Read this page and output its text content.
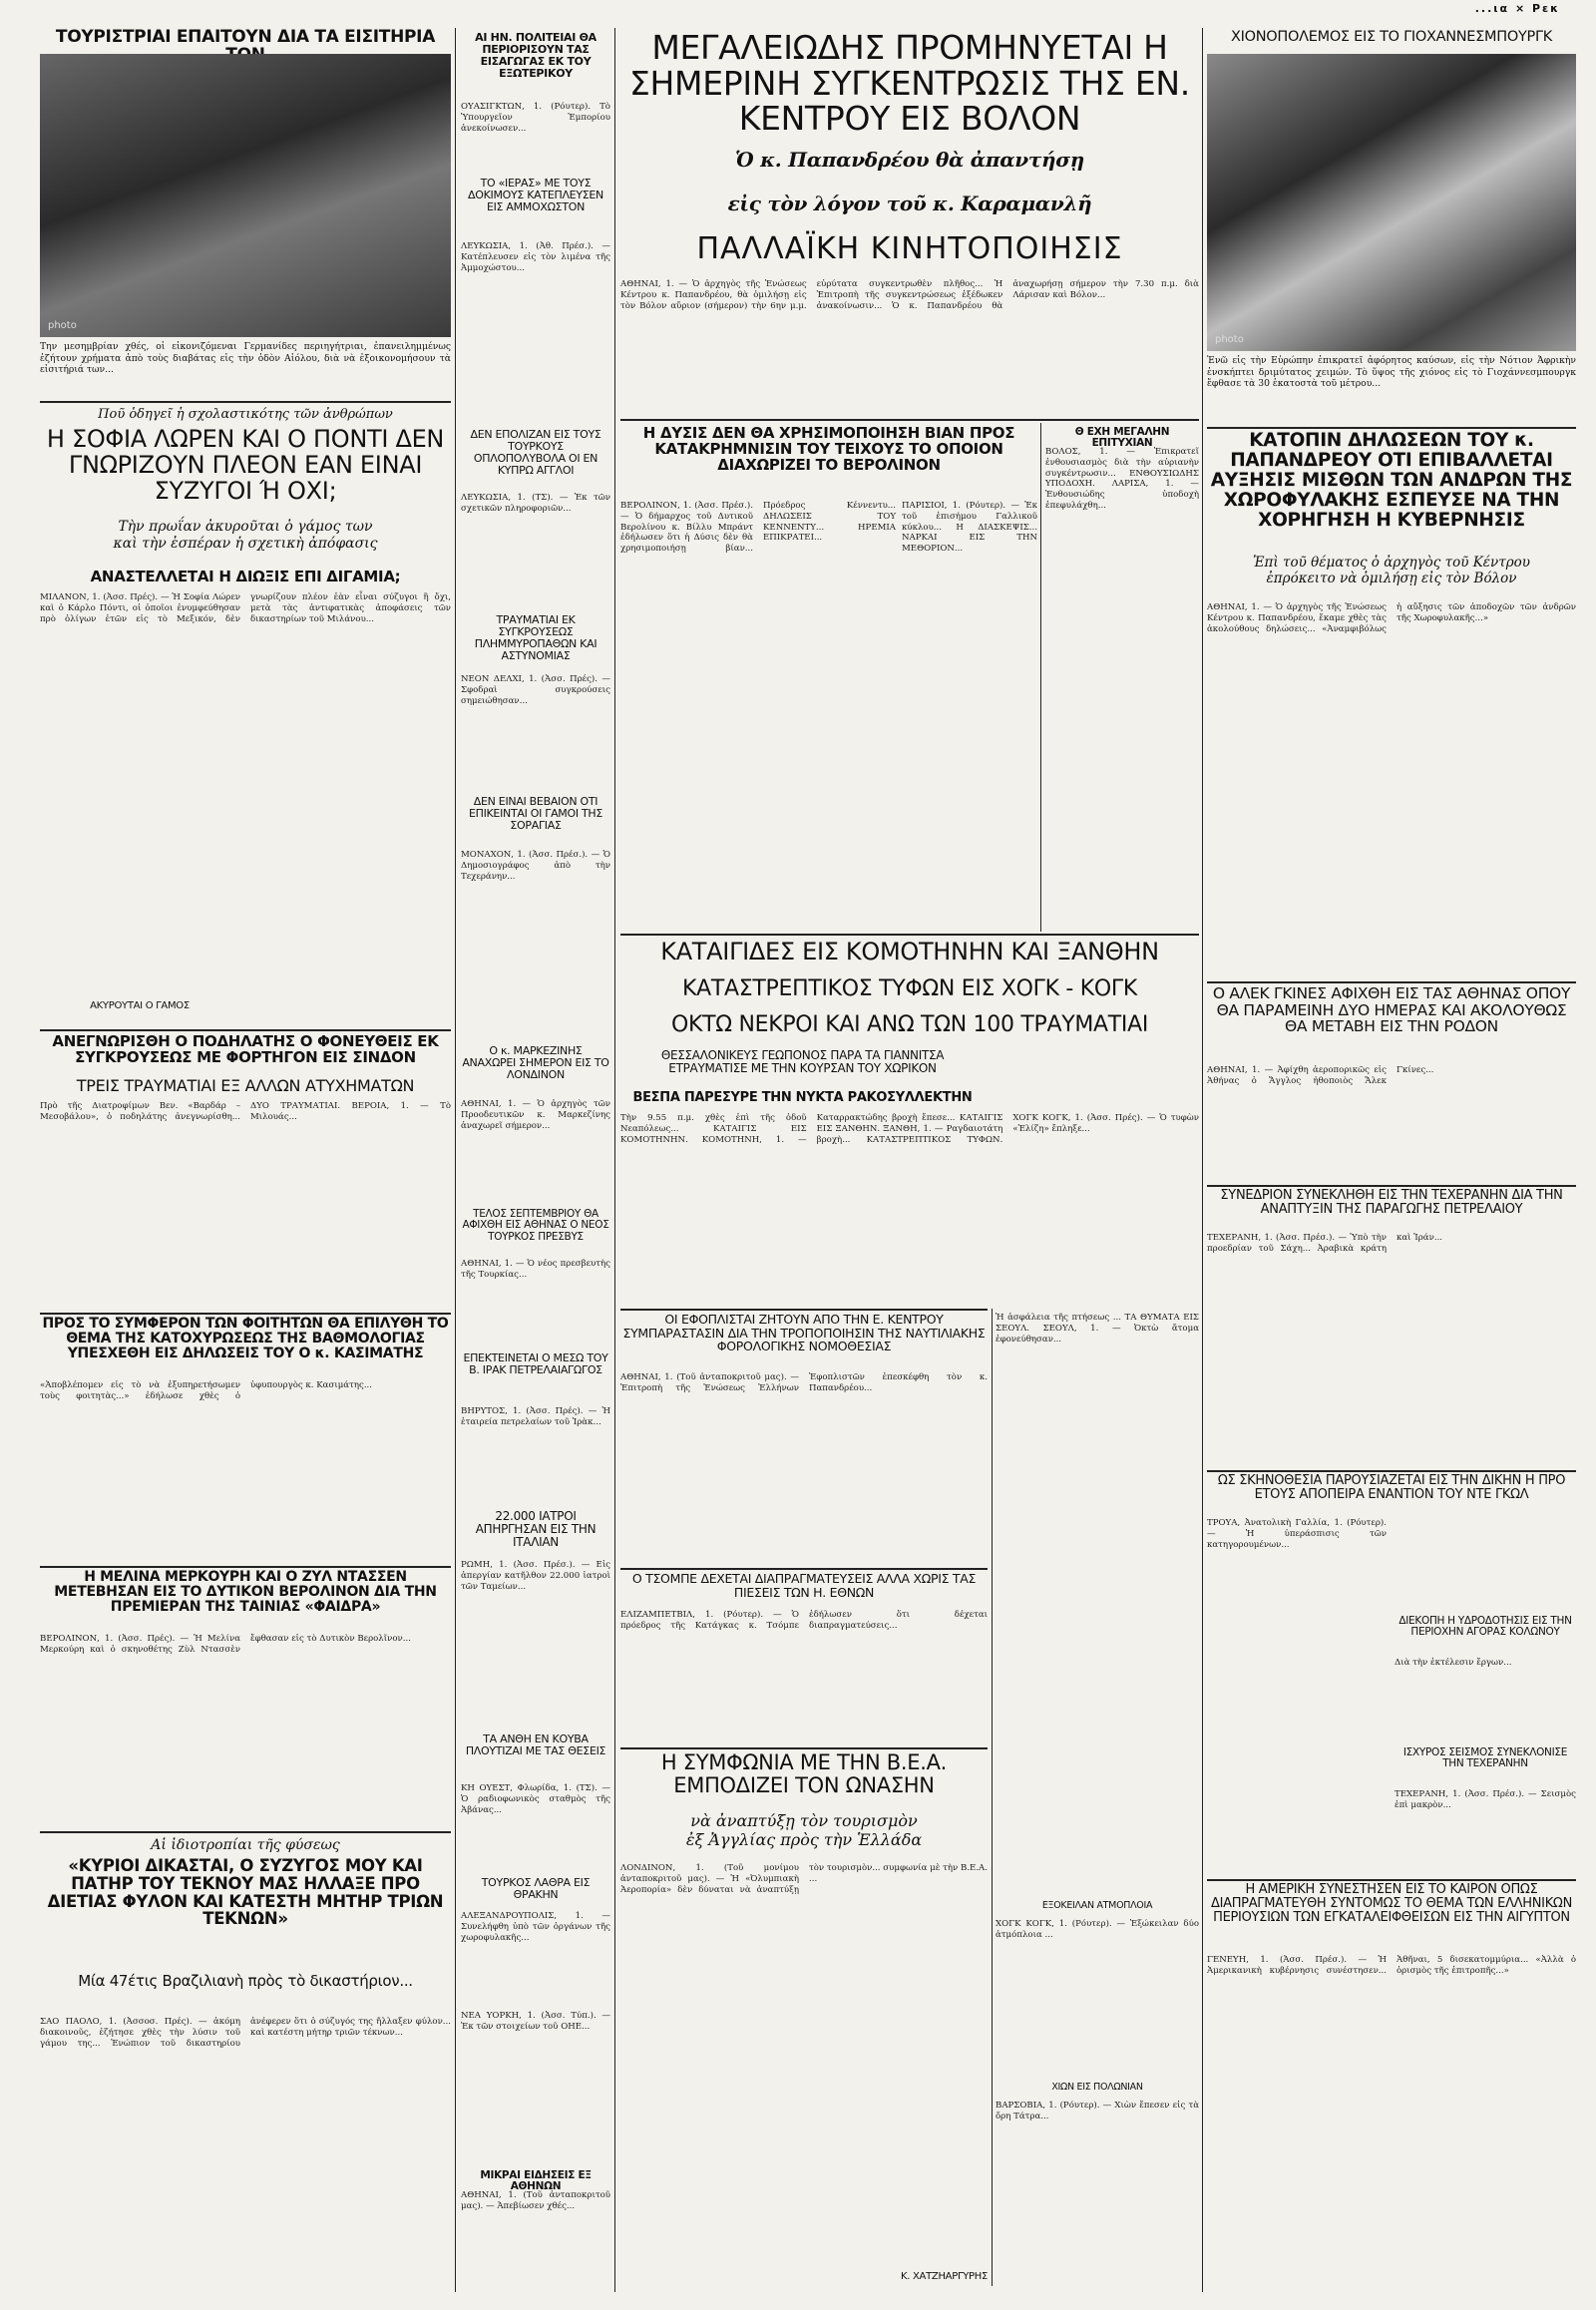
...ια ⨯ Ρεκ
ΤΟΥΡΙΣΤΡΙΑΙ ΕΠΑΙΤΟΥΝ ΔΙΑ ΤΑ ΕΙΣΙΤΗΡΙΑ
photo
Την μεσημβρίαν χθές, οἱ εἰκονιζόμεναι Γερμανίδες περιηγήτριαι, ἐπανειλημμένως ἐζήτουν χρήματα ἀπὸ τοὺς διαβάτας εἰς τὴν ὁδὸν Αἰόλου, διὰ νὰ ἐξοικονομήσουν τὰ εἰσιτήριά των...
Ποῦ ὁδηγεῖ ἡ σχολαστικότης τῶν ἀνθρώπων
Η ΣΟΦΙΑ ΛΩΡΕΝ ΚΑΙ Ο ΠΟΝΤΙ ΔΕΝ ΓΝΩΡΙΖΟΥΝ ΠΛΕΟΝ ΕΑΝ ΕΙΝΑΙ ΣΥΖΥΓΟΙ Ή ΟΧΙ;
Τὴν πρωΐαν ἀκυροῦται ὁ γάμος των
καὶ τὴν ἑσπέραν ἡ σχετικὴ ἀπόφασις
ΑΝΑΣΤΕΛΛΕΤΑΙ Η ΔΙΩΞΙΣ ΕΠΙ ΔΙΓΑΜΙΑ;
ΜΙΛΑΝΟΝ, 1. (Ἀσσ. Πρές). — Ἡ Σοφία Λώρεν καὶ ὁ Κάρλο Πόντι, οἱ ὁποῖοι ἐνυμφεύθησαν πρὸ ὀλίγων ἐτῶν εἰς τὸ Μεξικόν, δὲν γνωρίζουν πλέον ἐὰν εἶναι σύζυγοι ἢ ὄχι, μετὰ τὰς ἀντιφατικὰς ἀποφάσεις τῶν δικαστηρίων τοῦ Μιλάνου...
ΑΚΥΡΟΥΤΑΙ Ο ΓΑΜΟΣ
ΑΝΕΓΝΩΡΙΣΘΗ Ο ΠΟΔΗΛΑΤΗΣ Ο ΦΟΝΕΥΘΕΙΣ ΕΚ ΣΥΓΚΡΟΥΣΕΩΣ ΜΕ ΦΟΡΤΗΓΟΝ ΕΙΣ ΣΙΝΔΟΝ
ΤΡΕΙΣ ΤΡΑΥΜΑΤΙΑΙ ΕΞ ΑΛΛΩΝ ΑΤΥΧΗΜΑΤΩΝ
Πρὸ τῆς Διατροφίμων Βεν. «Βαρδάρ – Μεσοβάλου», ὁ ποδηλάτης ἀνεγνωρίσθη... ΔΥΟ ΤΡΑΥΜΑΤΙΑΙ. ΒΕΡΟΙΑ, 1. — Τὸ Μιλουάς...
ΠΡΟΣ ΤΟ ΣΥΜΦΕΡΟΝ ΤΩΝ ΦΟΙΤΗΤΩΝ ΘΑ ΕΠΙΛΥΘΗ ΤΟ ΘΕΜΑ ΤΗΣ ΚΑΤΟΧΥΡΩΣΕΩΣ ΤΗΣ ΒΑΘΜΟΛΟΓΙΑΣ ΥΠΕΣΧΕΘΗ ΕΙΣ ΔΗΛΩΣΕΙΣ ΤΟΥ Ο κ. ΚΑΣΙΜΑΤΗΣ
«Ἀποβλέπομεν εἰς τὸ νὰ ἐξυπηρετήσωμεν τοὺς φοιτητὰς...» ἐδήλωσε χθὲς ὁ ὑφυπουργὸς κ. Κασιμάτης...
Η ΜΕΛΙΝΑ ΜΕΡΚΟΥΡΗ ΚΑΙ Ο ΖΥΛ ΝΤΑΣΣΕΝ ΜΕΤΕΒΗΣΑΝ ΕΙΣ ΤΟ ΔΥΤΙΚΟΝ ΒΕΡΟΛΙΝΟΝ ΔΙΑ ΤΗΝ ΠΡΕΜΙΕΡΑΝ ΤΗΣ ΤΑΙΝΙΑΣ «ΦΑΙΔΡΑ»
ΒΕΡΟΛΙΝΟΝ, 1. (Ἀσσ. Πρές). — Ἡ Μελίνα Μερκούρη καὶ ὁ σκηνοθέτης Ζὺλ Ντασσὲν ἔφθασαν εἰς τὸ Δυτικὸν Βερολῖνον...
Αἱ ἰδιοτροπίαι τῆς φύσεως
«ΚΥΡΙΟΙ ΔΙΚΑΣΤΑΙ, Ο ΣΥΖΥΓΟΣ ΜΟΥ ΚΑΙ ΠΑΤΗΡ ΤΟΥ ΤΕΚΝΟΥ ΜΑΣ ΗΛΛΑΞΕ ΠΡΟ ΔΙΕΤΙΑΣ ΦΥΛΟΝ ΚΑΙ ΚΑΤΕΣΤΗ ΜΗΤΗΡ ΤΡΙΩΝ ΤΕΚΝΩΝ»
Μία 47έτις Βραζιλιανὴ πρὸς τὸ δικαστήριον...
ΣΑΟ ΠΑΟΛΟ, 1. (Ἀσσοσ. Πρές). — ἀκόμη διακοινοῦς, ἐζήτησε χθὲς τὴν λύσιν τοῦ γάμου της... Ἐνώπιον τοῦ δικαστηρίου ἀνέφερεν ὅτι ὁ σύζυγός της ἤλλαξεν φύλον... καὶ κατέστη μήτηρ τριῶν τέκνων...
ΑΙ ΗΝ. ΠΟΛΙΤΕΙΑΙ ΘΑ ΠΕΡΙΟΡΙΣΟΥΝ ΤΑΣ ΕΙΣΑΓΩΓΑΣ ΕΚ ΤΟΥ ΕΞΩΤΕΡΙΚΟΥ
ΟΥΑΣΙΓΚΤΩΝ, 1. (Ρόυτερ). Τὸ Ὑπουργεῖον Ἐμπορίου ἀνεκοίνωσεν...
ΤΟ «ΙΕΡΑΣ» ΜΕ ΤΟΥΣ ΔΟΚΙΜΟΥΣ ΚΑΤΕΠΛΕΥΣΕΝ ΕΙΣ ΑΜΜΟΧΩΣΤΟΝ
ΛΕΥΚΩΣΙΑ, 1. (Ἀθ. Πρέσ.). — Κατέπλευσεν εἰς τὸν λιμένα τῆς Ἀμμοχώστου...
ΔΕΝ ΕΠΟΛΙΖΑΝ ΕΙΣ ΤΟΥΣ ΤΟΥΡΚΟΥΣ ΟΠΛΟΠΟΛΥΒΟΛΑ ΟΙ ΕΝ ΚΥΠΡΩ ΑΓΓΛΟΙ
ΛΕΥΚΩΣΙΑ, 1. (ΤΣ). — Ἐκ τῶν σχετικῶν πληροφοριῶν...
ΤΡΑΥΜΑΤΙΑΙ ΕΚ ΣΥΓΚΡΟΥΣΕΩΣ ΠΛΗΜΜΥΡΟΠΑΘΩΝ ΚΑΙ ΑΣΤΥΝΟΜΙΑΣ
ΝΕΟΝ ΔΕΛΧΙ, 1. (Ἀσσ. Πρές). — Σφοδραὶ συγκρούσεις σημειώθησαν...
ΔΕΝ ΕΙΝΑΙ ΒΕΒΑΙΟΝ ΟΤΙ ΕΠΙΚΕΙΝΤΑΙ ΟΙ ΓΑΜΟΙ ΤΗΣ ΣΟΡΑΓΙΑΣ
ΜΟΝΑΧΟΝ, 1. (Ἀσσ. Πρέσ.). — Ὁ Δημοσιογράφος ἀπὸ τὴν Τεχεράνην...
Ο κ. ΜΑΡΚΕΖΙΝΗΣ ΑΝΑΧΩΡΕΙ ΣΗΜΕΡΟΝ ΕΙΣ ΤΟ ΛΟΝΔΙΝΟΝ
ΑΘΗΝΑΙ, 1. — Ὁ ἀρχηγὸς τῶν Προοδευτικῶν κ. Μαρκεζίνης ἀναχωρεῖ σήμερον...
ΤΕΛΟΣ ΣΕΠΤΕΜΒΡΙΟΥ ΘΑ ΑΦΙΧΘΗ ΕΙΣ ΑΘΗΝΑΣ Ο ΝΕΟΣ ΤΟΥΡΚΟΣ ΠΡΕΣΒΥΣ
ΑΘΗΝΑΙ, 1. — Ὁ νέος πρεσβευτὴς τῆς Τουρκίας...
ΕΠΕΚΤΕΙΝΕΤΑΙ Ο ΜΕΣΩ ΤΟΥ Β. ΙΡΑΚ ΠΕΤΡΕΛΑΙΑΓΩΓΟΣ
ΒΗΡΥΤΟΣ, 1. (Ἀσσ. Πρές). — Ἡ ἑταιρεία πετρελαίων τοῦ Ἰρὰκ...
22.000 ΙΑΤΡΟΙ ΑΠΗΡΓΗΣΑΝ ΕΙΣ ΤΗΝ ΙΤΑΛΙΑΝ
ΡΩΜΗ, 1. (Ἀσσ. Πρέσ.). — Εἰς ἀπεργίαν κατῆλθον 22.000 ἰατροὶ τῶν Ταμείων...
ΤΑ ΑΝΘΗ ΕΝ ΚΟΥΒΑ ΠΛΟΥΤΙΖΑΙ ΜΕ ΤΑΣ ΘΕΣΕΙΣ
ΚΗ ΟΥΕΣΤ, Φλωρίδα, 1. (ΤΣ). — Ὁ ραδιοφωνικὸς σταθμὸς τῆς Ἀβάνας...
ΤΟΥΡΚΟΣ ΛΑΘΡΑ ΕΙΣ ΘΡΑΚΗΝ
ΑΛΕΞΑΝΔΡΟΥΠΟΛΙΣ, 1. — Συνελήφθη ὑπὸ τῶν ὀργάνων τῆς χωροφυλακῆς...
ΝΕΑ ΥΟΡΚΗ, 1. (Ἀσσ. Τύπ.). — Ἐκ τῶν στοιχείων τοῦ ΟΗΕ...
ΜΙΚΡΑΙ ΕΙΔΗΣΕΙΣ ΕΞ ΑΘΗΝΩΝ
ΑΘΗΝΑΙ, 1. (Τοῦ ἀνταποκριτοῦ μας). — Ἀπεβίωσεν χθές...
ΜΕΓΑΛΕΙΩΔΗΣ ΠΡΟΜΗΝΥΕΤΑΙ Η ΣΗΜΕΡΙΝΗ ΣΥΓΚΕΝΤΡΩΣΙΣ ΤΗΣ ΕΝ. ΚΕΝΤΡΟΥ ΕΙΣ ΒΟΛΟΝ
Ὁ κ. Παπανδρέου θὰ ἀπαντήσῃ
εἰς τὸν λόγον τοῦ κ. Καραμανλῆ
ΠΑΛΛΑΪΚΗ ΚΙΝΗΤΟΠΟΙΗΣΙΣ
ΑΘΗΝΑΙ, 1. — Ὁ ἀρχηγὸς τῆς Ἑνώσεως Κέντρου κ. Παπανδρέου, θὰ ὁμιλήσῃ εἰς τὸν Βόλον αὔριον (σήμερον) τὴν 6ην μ.μ. εὐρύτατα συγκεντρωθὲν πλῆθος... Ἡ Ἐπιτροπὴ τῆς συγκεντρώσεως ἐξέδωκεν ἀνακοίνωσιν... Ὁ κ. Παπανδρέου θὰ ἀναχωρήσῃ σήμερον τὴν 7.30 π.μ. διὰ Λάρισαν καὶ Βόλον...
Η ΔΥΣΙΣ ΔΕΝ ΘΑ ΧΡΗΣΙΜΟΠΟΙΗΣΗ ΒΙΑΝ ΠΡΟΣ ΚΑΤΑΚΡΗΜΝΙΣΙΝ ΤΟΥ ΤΕΙΧΟΥΣ ΤΟ ΟΠΟΙΟΝ ΔΙΑΧΩΡΙΖΕΙ ΤΟ ΒΕΡΟΛΙΝΟΝ
ΒΕΡΟΛΙΝΟΝ, 1. (Ἀσσ. Πρέσ.). — Ὁ δήμαρχος τοῦ Δυτικοῦ Βερολίνου κ. Βίλλυ Μπράντ ἐδήλωσεν ὅτι ἡ Δύσις δὲν θὰ χρησιμοποιήσῃ βίαν... Πρόεδρος Κέννεντυ... ΔΗΛΩΣΕΙΣ ΤΟΥ ΚΕΝΝΕΝΤΥ... ΗΡΕΜΙΑ ΕΠΙΚΡΑΤΕΙ...
ΠΑΡΙΣΙΟΙ, 1. (Ρόυτερ). — Ἐκ τοῦ ἐπισήμου Γαλλικοῦ κύκλου... Η ΔΙΑΣΚΕΨΙΣ... ΝΑΡΚΑΙ ΕΙΣ ΤΗΝ ΜΕΘΟΡΙΟΝ...
Θ ΕΧΗ ΜΕΓΑΛΗΝ ΕΠΙΤΥΧΙΑΝ
ΒΟΛΟΣ, 1. — Ἐπικρατεῖ ἐνθουσιασμὸς διὰ τὴν αὐριανὴν συγκέντρωσιν... ΕΝΘΟΥΣΙΩΔΗΣ ΥΠΟΔΟΧΗ. ΛΑΡΙΣΑ, 1. — Ἐνθουσιώδης ὑποδοχὴ ἐπεφυλάχθη...
ΚΑΤΑΙΓΙΔΕΣ ΕΙΣ ΚΟΜΟΤΗΝΗΝ ΚΑΙ ΞΑΝΘΗΝ
ΚΑΤΑΣΤΡΕΠΤΙΚΟΣ ΤΥΦΩΝ ΕΙΣ ΧΟΓΚ - ΚΟΓΚ
ΟΚΤΩ ΝΕΚΡΟΙ ΚΑΙ ΑΝΩ ΤΩΝ 100 ΤΡΑΥΜΑΤΙΑΙ
ΘΕΣΣΑΛΟΝΙΚΕΥΣ ΓΕΩΠΟΝΟΣ ΠΑΡΑ ΤΑ ΓΙΑΝΝΙΤΣΑ ΕΤΡΑΥΜΑΤΙΣΕ ΜΕ ΤΗΝ ΚΟΥΡΣΑΝ ΤΟΥ ΧΩΡΙΚΟΝ
ΒΕΣΠΑ ΠΑΡΕΣΥΡΕ ΤΗΝ ΝΥΚΤΑ ΡΑΚΟΣΥΛΛΕΚΤΗΝ
Τὴν 9.55 π.μ. χθὲς ἐπὶ τῆς ὁδοῦ Νεαπόλεως... ΚΑΤΑΙΓΙΣ ΕΙΣ ΚΟΜΟΤΗΝΗΝ. ΚΟΜΟΤΗΝΗ, 1. — Καταρρακτώδης βροχὴ ἔπεσε... ΚΑΤΑΙΓΙΣ ΕΙΣ ΞΑΝΘΗΝ. ΞΑΝΘΗ, 1. — Ραγδαιοτάτη βροχὴ... ΚΑΤΑΣΤΡΕΠΤΙΚΟΣ ΤΥΦΩΝ. ΧΟΓΚ ΚΟΓΚ, 1. (Ἀσσ. Πρές). — Ὁ τυφὼν «Ἐλίζη» ἔπληξε...
ΟΙ ΕΦΟΠΛΙΣΤΑΙ ΖΗΤΟΥΝ ΑΠΟ ΤΗΝ Ε. ΚΕΝΤΡΟΥ ΣΥΜΠΑΡΑΣΤΑΣΙΝ ΔΙΑ ΤΗΝ ΤΡΟΠΟΠΟΙΗΣΙΝ ΤΗΣ ΝΑΥΤΙΛΙΑΚΗΣ ΦΟΡΟΛΟΓΙΚΗΣ ΝΟΜΟΘΕΣΙΑΣ
ΑΘΗΝΑΙ, 1. (Τοῦ ἀνταποκριτοῦ μας). — Ἐπιτροπὴ τῆς Ἑνώσεως Ἑλλήνων Ἐφοπλιστῶν ἐπεσκέφθη τὸν κ. Παπανδρέου...
Ἡ ἀσφάλεια τῆς πτήσεως ... ΤΑ ΘΥΜΑΤΑ ΕΙΣ ΣΕΟΥΛ. ΣΕΟΥΛ, 1. — Ὀκτὼ ἄτομα ἐφονεύθησαν...
Ο ΤΣΟΜΠΕ ΔΕΧΕΤΑΙ ΔΙΑΠΡΑΓΜΑΤΕΥΣΕΙΣ ΑΛΛΑ ΧΩΡΙΣ ΤΑΣ ΠΙΕΣΕΙΣ ΤΩΝ Η. ΕΘΝΩΝ
ΕΛΙΖΑΜΠΕΤΒΙΛ, 1. (Ρόυτερ). — Ὁ πρόεδρος τῆς Κατάγκας κ. Τσόμπε ἐδήλωσεν ὅτι δέχεται διαπραγματεύσεις...
Η ΣΥΜΦΩΝΙΑ ΜΕ ΤΗΝ Β.Ε.Α. ΕΜΠΟΔΙΖΕΙ ΤΟΝ ΩΝΑΣΗΝ
νὰ ἀναπτύξῃ τὸν τουρισμὸν
ἐξ Ἀγγλίας πρὸς τὴν Ἑλλάδα
ΛΟΝΔΙΝΟΝ, 1. (Τοῦ μονίμου ἀνταποκριτοῦ μας). — Ἡ «Ὀλυμπιακὴ Ἀεροπορία» δὲν δύναται νὰ ἀναπτύξῃ τὸν τουρισμὸν... συμφωνία μὲ τὴν Β.Ε.Α. ...
Κ. ΧΑΤΖΗΑΡΓΥΡΗΣ
ΕΞΟΚΕΙΛΑΝ ΑΤΜΟΠΛΟΙΑ
ΧΟΓΚ ΚΟΓΚ, 1. (Ρόυτερ). — Ἐξώκειλαν δύο ἀτμόπλοια ...
ΧΙΩΝ ΕΙΣ ΠΟΛΩΝΙΑΝ
ΒΑΡΣΟΒΙΑ, 1. (Ρόυτερ). — Χιὼν ἔπεσεν εἰς τὰ ὄρη Τάτρα...
ΧΙΟΝΟΠΟΛΕΜΟΣ ΕΙΣ ΤΟ ΓΙΟΧΑΝΝΕΣΜΠΟΥΡΓΚ
photo
Ἐνῶ εἰς τὴν Εὐρώπην ἐπικρατεῖ ἀφόρητος καύσων, εἰς τὴν Νότιον Ἀφρικὴν ἐνσκήπτει δριμύτατος χειμών. Τὸ ὕψος τῆς χιόνος εἰς τὸ Γιοχάννεσμπουργκ ἔφθασε τὰ 30 ἑκατοστὰ τοῦ μέτρου...
ΚΑΤΟΠΙΝ ΔΗΛΩΣΕΩΝ ΤΟΥ κ. ΠΑΠΑΝΔΡΕΟΥ ΟΤΙ ΕΠΙΒΑΛΛΕΤΑΙ ΑΥΞΗΣΙΣ ΜΙΣΘΩΝ ΤΩΝ ΑΝΔΡΩΝ ΤΗΣ ΧΩΡΟΦΥΛΑΚΗΣ ΕΣΠΕΥΣΕ ΝΑ ΤΗΝ ΧΟΡΗΓΗΣΗ Η ΚΥΒΕΡΝΗΣΙΣ
Ἐπὶ τοῦ θέματος ὁ ἀρχηγὸς τοῦ Κέντρου
ἐπρόκειτο νὰ ὁμιλήσῃ εἰς τὸν Βόλον
ΑΘΗΝΑΙ, 1. — Ὁ ἀρχηγὸς τῆς Ἑνώσεως Κέντρου κ. Παπανδρέου, ἔκαμε χθὲς τὰς ἀκολούθους δηλώσεις... «Ἀναμφιβόλως ἡ αὔξησις τῶν ἀποδοχῶν τῶν ἀνδρῶν τῆς Χωροφυλακῆς...»
Ο ΑΛΕΚ ΓΚΙΝΕΣ ΑΦΙΧΘΗ ΕΙΣ ΤΑΣ ΑΘΗΝΑΣ ΟΠΟΥ ΘΑ ΠΑΡΑΜΕΙΝΗ ΔΥΟ ΗΜΕΡΑΣ ΚΑΙ ΑΚΟΛΟΥΘΩΣ ΘΑ ΜΕΤΑΒΗ ΕΙΣ ΤΗΝ ΡΟΔΟΝ
ΑΘΗΝΑΙ, 1. — Ἀφίχθη ἀεροπορικῶς εἰς Ἀθήνας ὁ Ἄγγλος ἠθοποιὸς Ἄλεκ Γκίνες...
ΣΥΝΕΔΡΙΟΝ ΣΥΝΕΚΛΗΘΗ ΕΙΣ ΤΗΝ ΤΕΧΕΡΑΝΗΝ ΔΙΑ ΤΗΝ ΑΝΑΠΤΥΞΙΝ ΤΗΣ ΠΑΡΑΓΩΓΗΣ ΠΕΤΡΕΛΑΙΟΥ
ΤΕΧΕΡΑΝΗ, 1. (Ἀσσ. Πρέσ.). — Ὑπὸ τὴν προεδρίαν τοῦ Σάχη... Ἀραβικὰ κράτη καὶ Ἰράν...
ΩΣ ΣΚΗΝΟΘΕΣΙΑ ΠΑΡΟΥΣΙΑΖΕΤΑΙ ΕΙΣ ΤΗΝ ΔΙΚΗΝ Η ΠΡΟ ΕΤΟΥΣ ΑΠΟΠΕΙΡΑ ΕΝΑΝΤΙΟΝ ΤΟΥ ΝΤΕ ΓΚΩΛ
ΤΡΟΥΑ, Ἀνατολικὴ Γαλλία, 1. (Ρόυτερ). — Ἡ ὑπεράσπισις τῶν κατηγορουμένων...
ΔΙΕΚΟΠΗ Η ΥΔΡΟΔΟΤΗΣΙΣ ΕΙΣ ΤΗΝ ΠΕΡΙΟΧΗΝ ΑΓΟΡΑΣ ΚΟΛΩΝΟΥ
Διὰ τὴν ἐκτέλεσιν ἔργων...
ΙΣΧΥΡΟΣ ΣΕΙΣΜΟΣ ΣΥΝΕΚΛΟΝΙΣΕ ΤΗΝ ΤΕΧΕΡΑΝΗΝ
ΤΕΧΕΡΑΝΗ, 1. (Ἀσσ. Πρέσ.). — Σεισμὸς ἐπὶ μακρὸν...
Η ΑΜΕΡΙΚΗ ΣΥΝΕΣΤΗΣΕΝ ΕΙΣ ΤΟ ΚΑΙΡΟΝ ΟΠΩΣ ΔΙΑΠΡΑΓΜΑΤΕΥΘΗ ΣΥΝΤΟΜΩΣ ΤΟ ΘΕΜΑ ΤΩΝ ΕΛΛΗΝΙΚΩΝ ΠΕΡΙΟΥΣΙΩΝ ΤΩΝ ΕΓΚΑΤΑΛΕΙΦΘΕΙΣΩΝ ΕΙΣ ΤΗΝ ΑΙΓΥΠΤΟΝ
ΓΕΝΕΥΗ, 1. (Ἀσσ. Πρέσ.). — Ἡ Ἀμερικανικὴ κυβέρνησις συνέστησεν... Ἀθῆναι, 5 δισεκατομμύρια... «Ἀλλὰ ὁ ὁρισμὸς τῆς ἐπιτροπῆς...»
